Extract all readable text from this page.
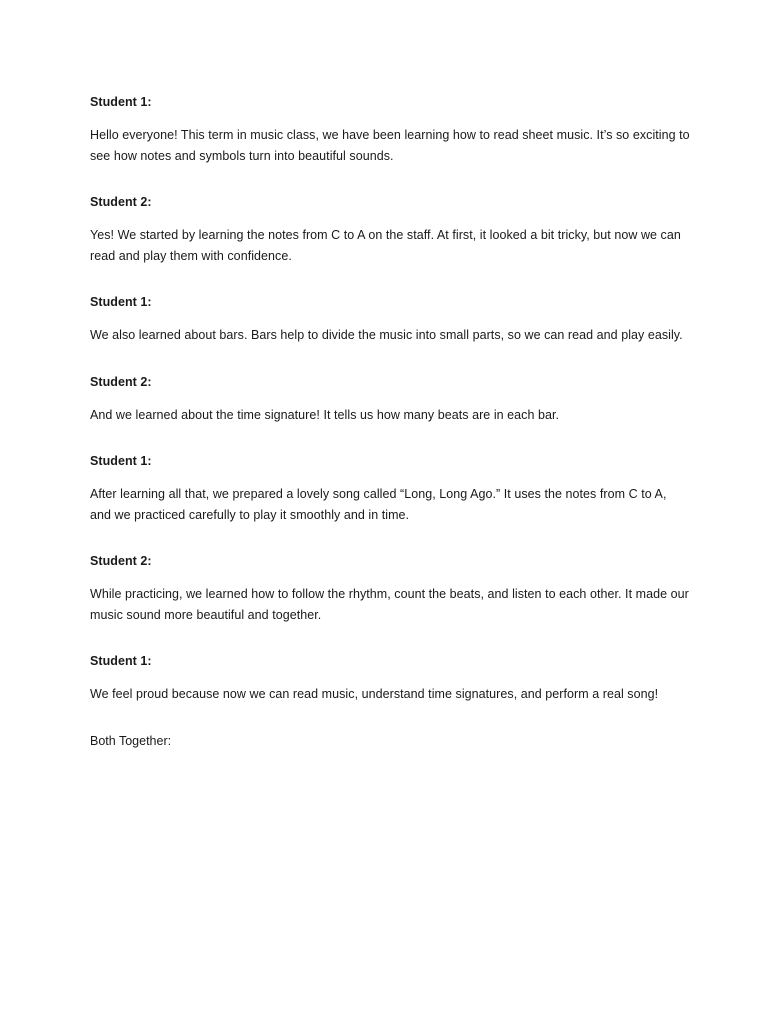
Student 1:

Hello everyone! This term in music class, we have been learning how to read sheet music. It’s so exciting to see how notes and symbols turn into beautiful sounds.

Student 2:

Yes! We started by learning the notes from C to A on the staff. At first, it looked a bit tricky, but now we can read and play them with confidence.

Student 1:

We also learned about bars. Bars help to divide the music into small parts, so we can read and play easily.

Student 2:

And we learned about the time signature! It tells us how many beats are in each bar.

Student 1:

After learning all that, we prepared a lovely song called “Long, Long Ago.” It uses the notes from C to A, and we practiced carefully to play it smoothly and in time.

Student 2:

While practicing, we learned how to follow the rhythm, count the beats, and listen to each other. It made our music sound more beautiful and together.

Student 1:

We feel proud because now we can read music, understand time signatures, and perform a real song!

Both Together:
